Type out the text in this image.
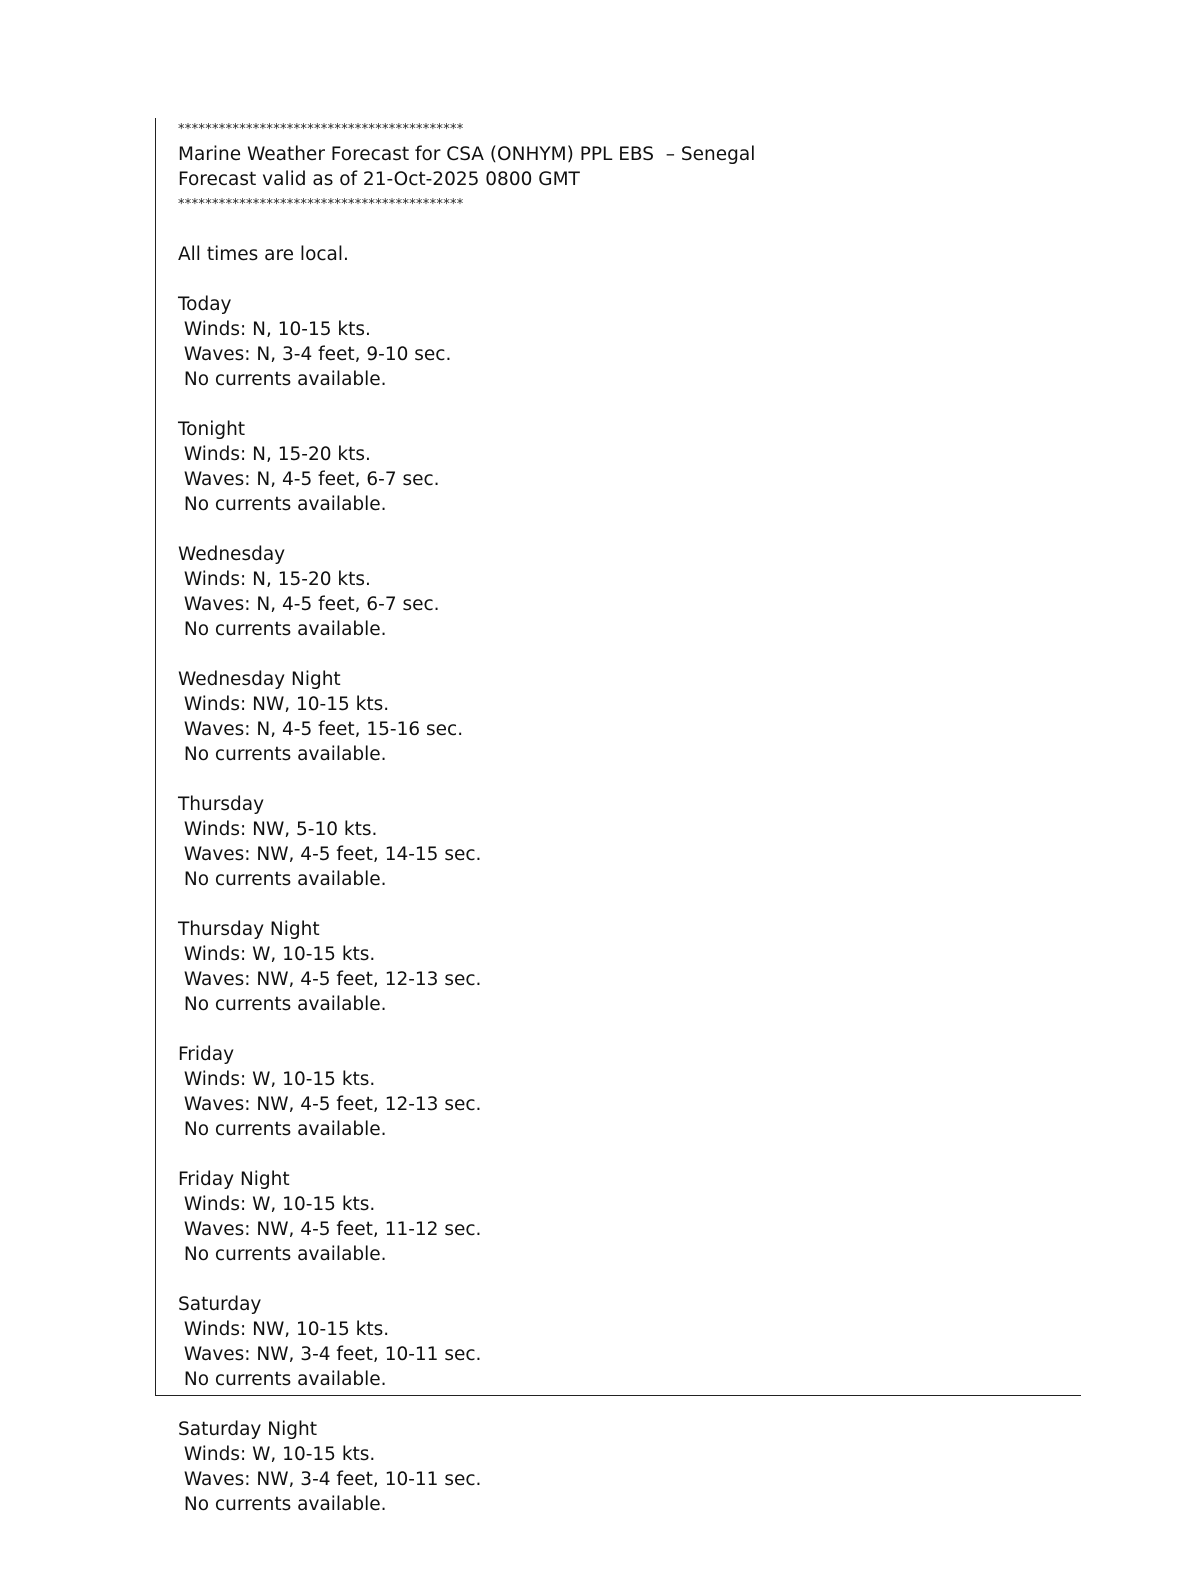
******************************************
Marine Weather Forecast for CSA (ONHYM) PPL EBS  – Senegal
Forecast valid as of 21-Oct-2025 0800 GMT
******************************************
All times are local.
Today
Winds: N, 10-15 kts.
Waves: N, 3-4 feet, 9-10 sec.
No currents available.
Tonight
Winds: N, 15-20 kts.
Waves: N, 4-5 feet, 6-7 sec.
No currents available.
Wednesday
Winds: N, 15-20 kts.
Waves: N, 4-5 feet, 6-7 sec.
No currents available.
Wednesday Night
Winds: NW, 10-15 kts.
Waves: N, 4-5 feet, 15-16 sec.
No currents available.
Thursday
Winds: NW, 5-10 kts.
Waves: NW, 4-5 feet, 14-15 sec.
No currents available.
Thursday Night
Winds: W, 10-15 kts.
Waves: NW, 4-5 feet, 12-13 sec.
No currents available.
Friday
Winds: W, 10-15 kts.
Waves: NW, 4-5 feet, 12-13 sec.
No currents available.
Friday Night
Winds: W, 10-15 kts.
Waves: NW, 4-5 feet, 11-12 sec.
No currents available.
Saturday
Winds: NW, 10-15 kts.
Waves: NW, 3-4 feet, 10-11 sec.
No currents available.
Saturday Night
Winds: W, 10-15 kts.
Waves: NW, 3-4 feet, 10-11 sec.
No currents available.
